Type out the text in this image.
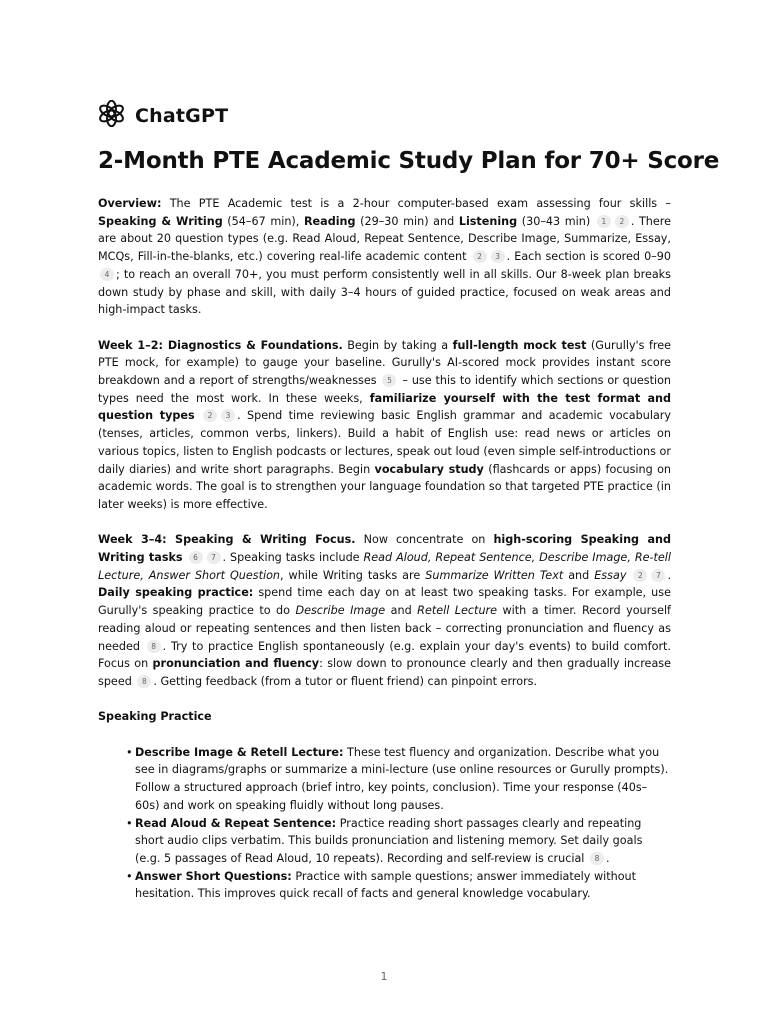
ChatGPT
2-Month PTE Academic Study Plan for 70+ Score

Overview: The PTE Academic test is a 2-hour computer-based exam assessing four skills – Speaking & Writing (54–67 min), Reading (29–30 min) and Listening (30–43 min) 1 2 . There are about 20 question types (e.g. Read Aloud, Repeat Sentence, Describe Image, Summarize, Essay, MCQs, Fill-in-the-blanks, etc.) covering real-life academic content 2 3 . Each section is scored 0–90 4 ; to reach an overall 70+, you must perform consistently well in all skills. Our 8-week plan breaks down study by phase and skill, with daily 3–4 hours of guided practice, focused on weak areas and high-impact tasks.

Week 1–2: Diagnostics & Foundations. Begin by taking a full-length mock test (Gurully's free PTE mock, for example) to gauge your baseline. Gurully's AI-scored mock provides instant score breakdown and a report of strengths/weaknesses 5 – use this to identify which sections or question types need the most work. In these weeks, familiarize yourself with the test format and question types 2 3 . Spend time reviewing basic English grammar and academic vocabulary (tenses, articles, common verbs, linkers). Build a habit of English use: read news or articles on various topics, listen to English podcasts or lectures, speak out loud (even simple self-introductions or daily diaries) and write short paragraphs. Begin vocabulary study (flashcards or apps) focusing on academic words. The goal is to strengthen your language foundation so that targeted PTE practice (in later weeks) is more effective.

Week 3–4: Speaking & Writing Focus. Now concentrate on high-scoring Speaking and Writing tasks 6 7 . Speaking tasks include Read Aloud, Repeat Sentence, Describe Image, Re-tell Lecture, Answer Short Question, while Writing tasks are Summarize Written Text and Essay 2 7 . Daily speaking practice: spend time each day on at least two speaking tasks. For example, use Gurully's speaking practice to do Describe Image and Retell Lecture with a timer. Record yourself reading aloud or repeating sentences and then listen back – correcting pronunciation and fluency as needed 8 . Try to practice English spontaneously (e.g. explain your day's events) to build comfort. Focus on pronunciation and fluency: slow down to pronounce clearly and then gradually increase speed 8 . Getting feedback (from a tutor or fluent friend) can pinpoint errors.

Speaking Practice
• Describe Image & Retell Lecture: These test fluency and organization. Describe what you see in diagrams/graphs or summarize a mini-lecture (use online resources or Gurully prompts). Follow a structured approach (brief intro, key points, conclusion). Time your response (40s–60s) and work on speaking fluidly without long pauses.
• Read Aloud & Repeat Sentence: Practice reading short passages clearly and repeating short audio clips verbatim. This builds pronunciation and listening memory. Set daily goals (e.g. 5 passages of Read Aloud, 10 repeats). Recording and self-review is crucial 8 .
• Answer Short Questions: Practice with sample questions; answer immediately without hesitation. This improves quick recall of facts and general knowledge vocabulary.
1
